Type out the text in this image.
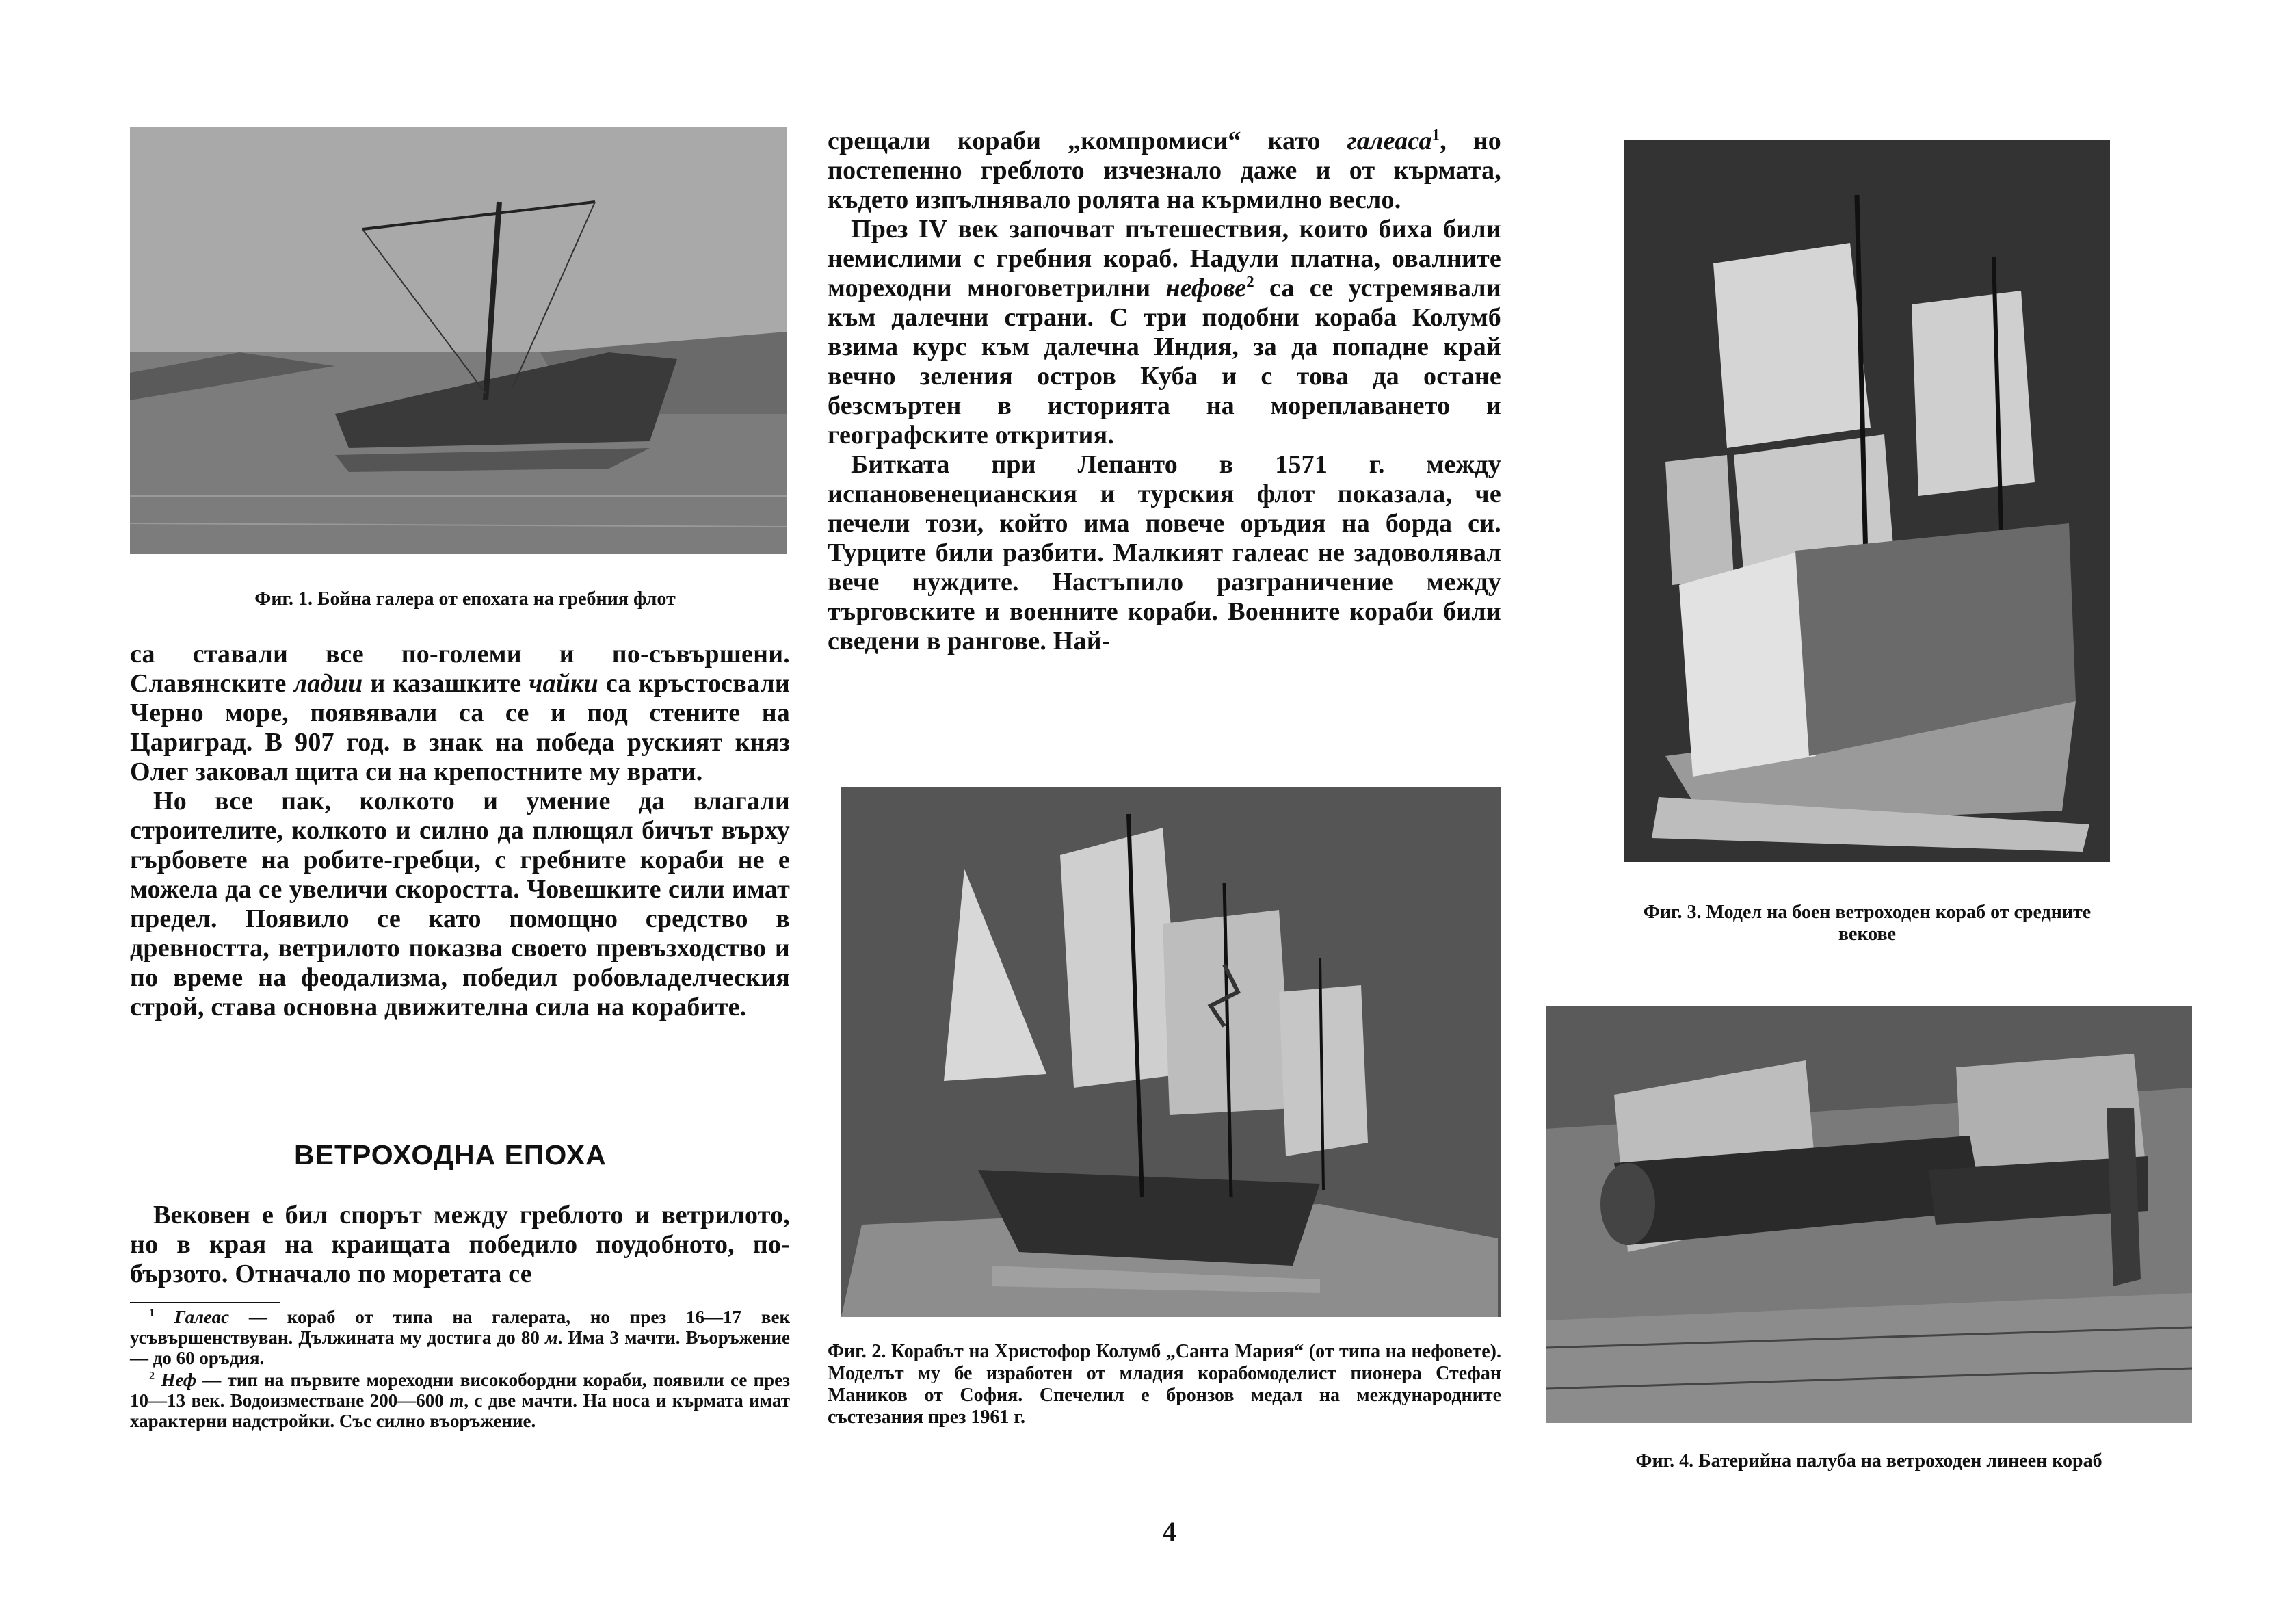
Фиг. 1. Бойна галера от епохата на гребния флот

са ставали все по-големи и по-съвършени. Славянските ладии и казашките чайки са кръстосвали Черно море, появявали са се и под стените на Цариград. В 907 год. в знак на победа руският княз Олег заковал щита си на крепостните му врати.

Но все пак, колкото и умение да влагали строителите, колкото и силно да плющял бичът върху гърбовете на робите-гребци, с гребните кораби не е можела да се увеличи скоростта. Човешките сили имат предел. Появило се като помощно средство в древността, ветрилото показва своето превъзходство и по време на феодализма, победил робовладелческия строй, става основна движителна сила на корабите.

ВЕТРОХОДНА ЕПОХА

Вековен е бил спорът между греблото и ветрилото, но в края на краищата победило поудобното, по-бързото. Отначало по моретата се

$^1$ Галеас — кораб от типа на галерата, но през 16—17 век усъвършенствуван. Дължината му достига до 80 м. Има 3 мачти. Въоръжение — до 60 оръдия.

$^2$ Неф — тип на първите мореходни високобордни кораби, появили се през 10—13 век. Водоизместване 200—600 т, с две мачти. На носа и кърмата имат характерни надстройки. Със силно въоръжение.

срещали кораби „компромиси“ като галеаса$^1$, но постепенно греблото изчезнало даже и от кърмата, където изпълнявало ролята на кърмилно весло.

През IV век започват пътешествия, които биха били немислими с гребния кораб. Надули платна, овалните мореходни многоветрилни нефове$^2$ са се устремявали към далечни страни. С три подобни кораба Колумб взима курс към далечна Индия, за да попадне край вечно зеления остров Куба и с това да остане безсмъртен в историята на мореплаването и географските открития.

Битката при Лепанто в 1571 г. между испановенецианския и турския флот показала, че печели този, който има повече оръдия на борда си. Турците били разбити. Малкият галеас не задоволявал вече нуждите. Настъпило разграничение между търговските и военните кораби. Военните кораби били сведени в рангове. Най-

Фиг. 2. Корабът на Христофор Колумб „Санта Мария“ (от типа на нефовете). Моделът му бе изработен от младия корабомоделист пионера Стефан Маников от София. Спечелил е бронзов медал на международните състезания през 1961 г.
Фиг. 3. Модел на боен ветроходен кораб от средните векове
Фиг. 4. Батерийна палуба на ветроходен линеен кораб
4
